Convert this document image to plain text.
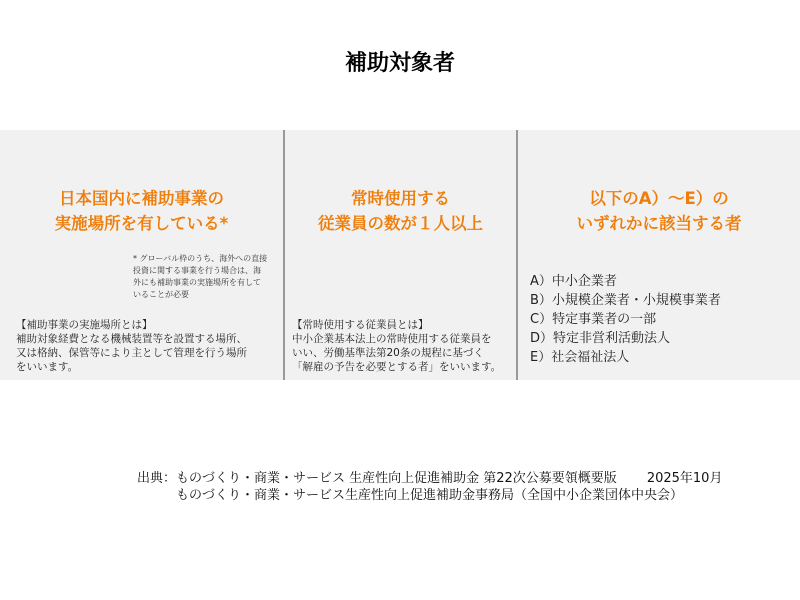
補助対象者
日本国内に補助事業の
実施場所を有している*
* グローバル枠のうち、海外への直接
投資に関する事業を行う場合は、海
外にも補助事業の実施場所を有して
いることが必要
【補助事業の実施場所とは】
補助対象経費となる機械装置等を設置する場所、
又は格納、保管等により主として管理を行う場所
をいいます。
常時使用する
従業員の数が１人以上
【常時使用する従業員とは】
中小企業基本法上の常時使用する従業員を
いい、労働基準法第20条の規程に基づく
「解雇の予告を必要とする者」をいいます。
以下のA）〜E）の
いずれかに該当する者
A）中小企業者
B）小規模企業者・小規模事業者
C）特定事業者の一部
D）特定非営利活動法人
E）社会福祉法人
出典：ものづくり・商業・サービス 生産性向上促進補助金 第22次公募要領概要版 2025年10月
ものづくり・商業・サービス生産性向上促進補助金事務局（全国中小企業団体中央会）
